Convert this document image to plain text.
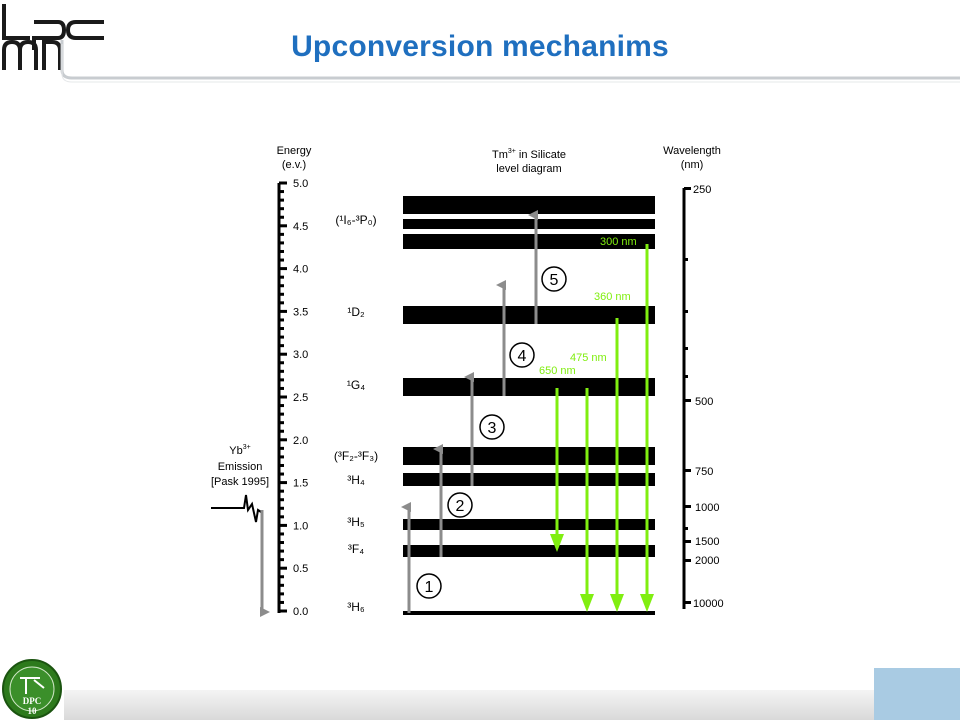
Upconversion mechanims
Energy
(e.v.)
5.0
4.5
4.0
3.5
3.0
2.5
2.0
1.5
1.0
0.5
0.0
$Tm^{3+}$ in Silicate
level diagram
Wavelength
(nm)
250
500
750
1000
1500
2000
10000
(¹I₆-³P₀)
¹D₂
¹G₄
(³F₂-³F₃)
³H₄
³H₅
³F₄
³H₆
1
2
3
4
5
300 nm
360 nm
475 nm
650 nm
$Yb^{3+}$
Emission
[Pask 1995]
DPC
10
